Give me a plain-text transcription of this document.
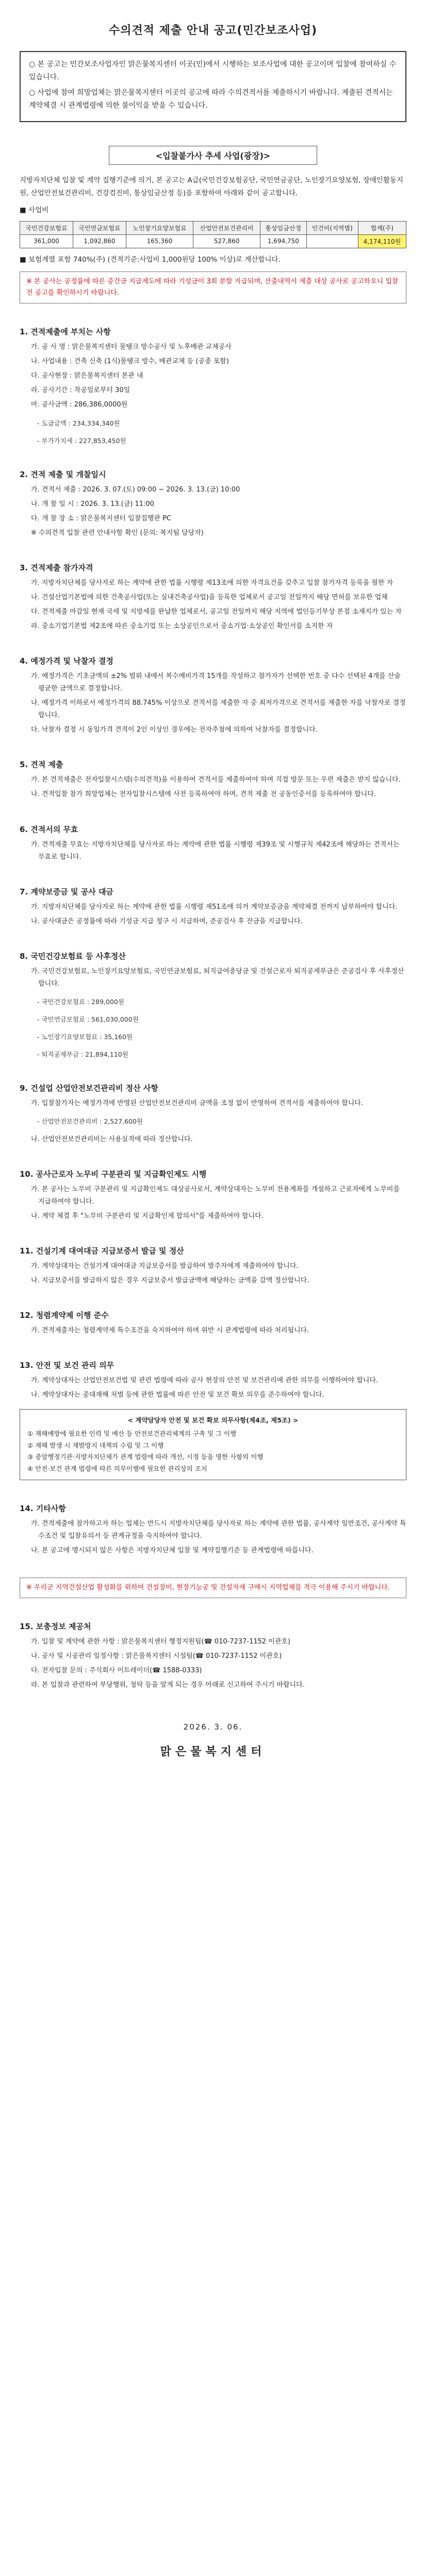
수의견적 제출 안내 공고(민간보조사업)

○ 본 공고는 민간보조사업자인 맑은물복지센터 이곳(민)에서 시행하는 보조사업에 대한 공고이며 입찰에 참여하실 수 있습니다.

○ 사업에 참여 희망업체는 맑은물복지센터 이곳의 공고에 따라 수의견적서를 제출하시기 바랍니다. 제출된 견적서는 계약체결 시 관계법령에 의한 불이익을 받을 수 있습니다.

<입찰붙가사 추세 사업(광장)>

지방자치단체 입찰 및 계약 집행기준에 의거, 본 공고는 A급(국민건강보험공단, 국민연금공단, 노인장기요양보험, 장애인활동지원, 산업안전보건관리비, 건강검진비, 통상임금산정 등)을 포함하여 아래와 같이 공고합니다.

■ 사업비
국민건강보험료	국민연금보험료	노인장기요양보험료	산업안전보건관리비	통상임금산정	인건비(지역별)	합계(주)
361,000	1,092,860	165,360	527,860	1,694,750		4,174,110원
■ 보험계열 포함 740%(주) (견적기준:사업비 1,000원당 100% 이상)로 계산합니다.
※ 본 공사는 공정률에 따른 중간금 지급제도에 따라 기성금이 3회 분할 지급되며, 산출내역서 제출 대상 공사로 공고하오니 입찰 전 공고를 확인하시기 바랍니다.
1. 견적제출에 부치는 사항

가. 공 사 명 : 맑은물복지센터 물탱크 방수공사 및 노후배관 교체공사

나. 사업내용 : 건축 신축 (1식)물탱크 방수, 배관교체 등 (공종 포함)

다. 공사현장 : 맑은물복지센터 본관 내

라. 공사기간 : 착공일로부터 30일

마. 공사금액 : 286,386,0000원

- 도급금액 : 234,334,340원

- 부가가치세 : 227,853,450원

2. 견적 제출 및 개찰일시

가. 견적서 제출 : 2026. 3. 07.(토) 09:00 ~ 2026. 3. 13.(금) 10:00

나. 개 찰 일 시 : 2026. 3. 13.(금) 11:00

다. 개 찰 장 소 : 맑은물복지센터 입찰집행관 PC

※ 수의견적 입찰 관련 안내사항 확인 (문의: 복지팀 담당자)

3. 견적제출 참가자격

가. 지방자치단체를 당사자로 하는 계약에 관한 법률 시행령 제13조에 의한 자격요건을 갖추고 입찰 참가자격 등록을 필한 자

나. 건설산업기본법에 의한 건축공사업(또는 실내건축공사업)을 등록한 업체로서 공고일 전일까지 해당 면허를 보유한 업체

다. 견적제출 마감일 현재 국세 및 지방세를 완납한 업체로서, 공고일 전일까지 해당 지역에 법인등기부상 본점 소재지가 있는 자

라. 중소기업기본법 제2조에 따른 중소기업 또는 소상공인으로서 중소기업·소상공인 확인서를 소지한 자

4. 예정가격 및 낙찰자 결정

가. 예정가격은 기초금액의 ±2% 범위 내에서 복수예비가격 15개를 작성하고 참가자가 선택한 번호 중 다수 선택된 4개를 산술평균한 금액으로 결정합니다.

나. 예정가격 이하로서 예정가격의 88.745% 이상으로 견적서를 제출한 자 중 최저가격으로 견적서를 제출한 자를 낙찰자로 결정합니다.

다. 낙찰자 결정 시 동일가격 견적이 2인 이상인 경우에는 전자추첨에 의하여 낙찰자를 결정합니다.

5. 견적 제출

가. 본 견적제출은 전자입찰시스템(수의견적)을 이용하여 견적서를 제출하여야 하며 직접 방문 또는 우편 제출은 받지 않습니다.

나. 견적입찰 참가 희망업체는 전자입찰시스템에 사전 등록하여야 하며, 견적 제출 전 공동인증서를 등록하여야 합니다.

6. 견적서의 무효

가. 견적제출 무효는 지방자치단체를 당사자로 하는 계약에 관한 법률 시행령 제39조 및 시행규칙 제42조에 해당하는 견적서는 무효로 합니다.

7. 계약보증금 및 공사 대금

가. 지방자치단체를 당사자로 하는 계약에 관한 법률 시행령 제51조에 의거 계약보증금을 계약체결 전까지 납부하여야 합니다.

나. 공사대금은 공정률에 따라 기성금 지급 청구 시 지급하며, 준공검사 후 잔금을 지급합니다.

8. 국민건강보험료 등 사후정산

가. 국민건강보험료, 노인장기요양보험료, 국민연금보험료, 퇴직급여충당금 및 건설근로자 퇴직공제부금은 준공검사 후 사후정산합니다.

- 국민건강보험료 : 289,000원

- 국민연금보험료 : 561,030,000원

- 노인장기요양보험료 : 35,160원

- 퇴직공제부금 : 21,894,110원

9. 건설업 산업안전보건관리비 정산 사항

가. 입찰참가자는 예정가격에 반영된 산업안전보건관리비 금액을 조정 없이 반영하여 견적서를 제출하여야 합니다.

- 산업안전보건관리비 : 2,527,600원

나. 산업안전보건관리비는 사용실적에 따라 정산합니다.

10. 공사근로자 노무비 구분관리 및 지급확인제도 시행

가. 본 공사는 노무비 구분관리 및 지급확인제도 대상공사로서, 계약상대자는 노무비 전용계좌를 개설하고 근로자에게 노무비를 지급하여야 합니다.

나. 계약 체결 후 "노무비 구분관리 및 지급확인제 합의서"를 제출하여야 합니다.

11. 건설기계 대여대금 지급보증서 발급 및 정산

가. 계약상대자는 건설기계 대여대금 지급보증서를 발급하여 발주자에게 제출하여야 합니다.

나. 지급보증서를 발급하지 않은 경우 지급보증서 발급금액에 해당하는 금액을 감액 정산합니다.

12. 청렴계약제 이행 준수

가. 견적제출자는 청렴계약제 특수조건을 숙지하여야 하며 위반 시 관계법령에 따라 처리됩니다.

13. 안전 및 보건 관리 의무

가. 계약상대자는 산업안전보건법 및 관련 법령에 따라 공사 현장의 안전 및 보건관리에 관한 의무를 이행하여야 합니다.

나. 계약상대자는 중대재해 처벌 등에 관한 법률에 따른 안전 및 보건 확보 의무를 준수하여야 합니다.

< 계약담당자 안전 및 보건 확보 의무사항(제4조, 제5조) >
① 재해예방에 필요한 인력 및 예산 등 안전보건관리체계의 구축 및 그 이행
② 재해 발생 시 재발방지 대책의 수립 및 그 이행
③ 중앙행정기관·지방자치단체가 관계 법령에 따라 개선, 시정 등을 명한 사항의 이행
④ 안전·보건 관계 법령에 따른 의무이행에 필요한 관리상의 조치
14. 기타사항

가. 견적제출에 참가하고자 하는 업체는 반드시 지방자치단체를 당사자로 하는 계약에 관한 법률, 공사계약 일반조건, 공사계약 특수조건 및 입찰유의서 등 관계규정을 숙지하여야 합니다.

나. 본 공고에 명시되지 않은 사항은 지방자치단체 입찰 및 계약집행기준 등 관계법령에 따릅니다.

※ 우리군 지역건설산업 활성화를 위하여 건설장비, 현장기능공 및 건설자재 구매시 지역업체를 적극 이용해 주시기 바랍니다.
15. 보충정보 제공처

가. 입찰 및 계약에 관한 사항 : 맑은물복지센터 행정지원팀(☎ 010-7237-1152 이관호)

나. 공사 및 시공관리 일정사항 : 맑은물복지센터 시설팀(☎ 010-7237-1152 이관호)

다. 전자입찰 문의 : 주식회사 이트레이더(☎ 1588-0333)

라. 본 입찰과 관련하여 부당행위, 청탁 등을 알게 되는 경우 아래로 신고하여 주시기 바랍니다.

2026. 3. 06.
맑은물복지센터
